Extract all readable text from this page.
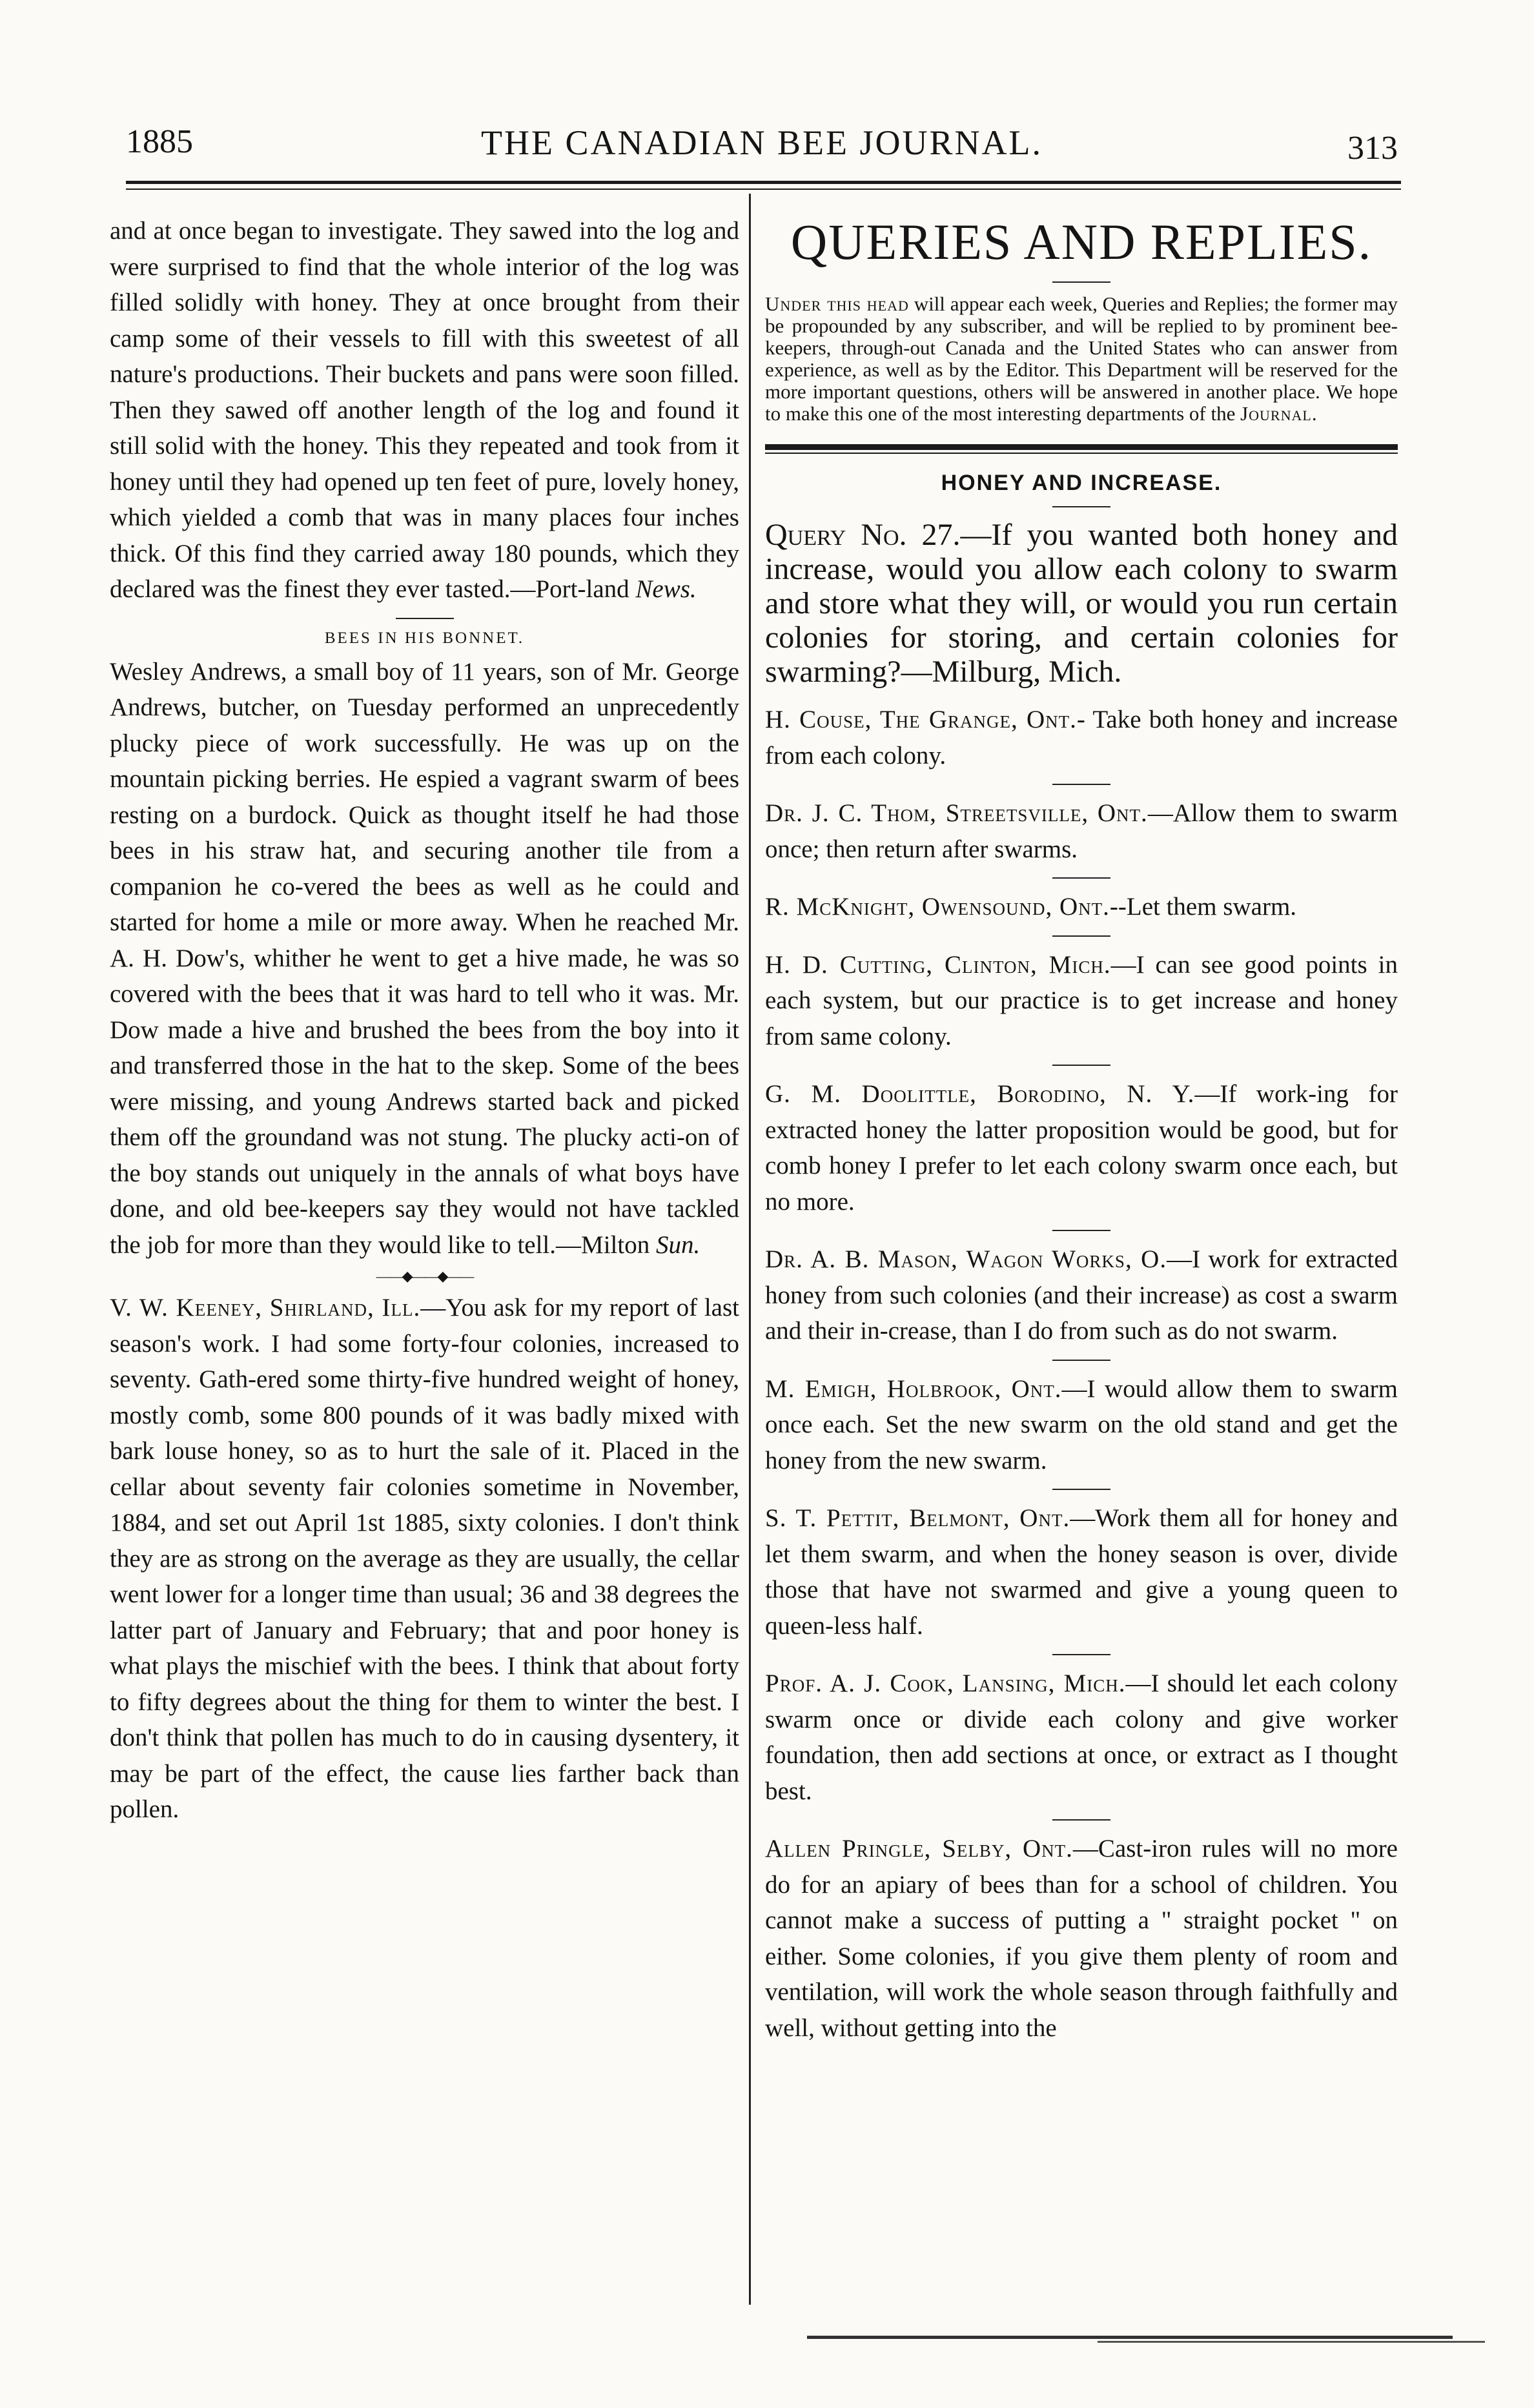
1885	THE CANADIAN BEE JOURNAL.	313

and at once began to investigate. They sawed into the log and were surprised to find that the whole interior of the log was filled solidly with honey. They at once brought from their camp some of their vessels to fill with this sweetest of all nature's productions. Their buckets and pans were soon filled. Then they sawed off another length of the log and found it still solid with the honey. This they repeated and took from it honey until they had opened up ten feet of pure, lovely honey, which yielded a comb that was in many places four inches thick. Of this find they carried away 180 pounds, which they declared was the finest they ever tasted.—Port-land News.

BEES IN HIS BONNET.

Wesley Andrews, a small boy of 11 years, son of Mr. George Andrews, butcher, on Tuesday performed an unprecedently plucky piece of work successfully. He was up on the mountain picking berries. He espied a vagrant swarm of bees resting on a burdock. Quick as thought itself he had those bees in his straw hat, and securing another tile from a companion he co-vered the bees as well as he could and started for home a mile or more away. When he reached Mr. A. H. Dow's, whither he went to get a hive made, he was so covered with the bees that it was hard to tell who it was. Mr. Dow made a hive and brushed the bees from the boy into it and transferred those in the hat to the skep. Some of the bees were missing, and young Andrews started back and picked them off the groundand was not stung. The plucky acti-on of the boy stands out uniquely in the annals of what boys have done, and old bee-keepers say they would not have tackled the job for more than they would like to tell.—Milton Sun.

——◆——◆——

V. W. Keeney, Shirland, Ill.—You ask for my report of last season's work. I had some forty-four colonies, increased to seventy. Gath-ered some thirty-five hundred weight of honey, mostly comb, some 800 pounds of it was badly mixed with bark louse honey, so as to hurt the sale of it. Placed in the cellar about seventy fair colonies sometime in November, 1884, and set out April 1st 1885, sixty colonies. I don't think they are as strong on the average as they are usually, the cellar went lower for a longer time than usual; 36 and 38 degrees the latter part of January and February; that and poor honey is what plays the mischief with the bees. I think that about forty to fifty degrees about the thing for them to winter the best. I don't think that pollen has much to do in causing dysentery, it may be part of the effect, the cause lies farther back than pollen.

QUERIES AND REPLIES.

Under this head will appear each week, Queries and Replies; the former may be propounded by any subscriber, and will be replied to by prominent bee-keepers, through-out Canada and the United States who can answer from experience, as well as by the Editor. This Department will be reserved for the more important questions, others will be answered in another place. We hope to make this one of the most interesting departments of the Journal.

HONEY AND INCREASE.

Query No. 27.—If you wanted both honey and increase, would you allow each colony to swarm and store what they will, or would you run certain colonies for storing, and certain colonies for swarming?—Milburg, Mich.

H. Couse, The Grange, Ont.- Take both honey and increase from each colony.

Dr. J. C. Thom, Streetsville, Ont.—Allow them to swarm once; then return after swarms.

R. McKnight, Owensound, Ont.--Let them swarm.

H. D. Cutting, Clinton, Mich.—I can see good points in each system, but our practice is to get increase and honey from same colony.

G. M. Doolittle, Borodino, N. Y.—If work-ing for extracted honey the latter proposition would be good, but for comb honey I prefer to let each colony swarm once each, but no more.

Dr. A. B. Mason, Wagon Works, O.—I work for extracted honey from such colonies (and their increase) as cost a swarm and their in-crease, than I do from such as do not swarm.

M. Emigh, Holbrook, Ont.—I would allow them to swarm once each. Set the new swarm on the old stand and get the honey from the new swarm.

S. T. Pettit, Belmont, Ont.—Work them all for honey and let them swarm, and when the honey season is over, divide those that have not swarmed and give a young queen to queen-less half.

Prof. A. J. Cook, Lansing, Mich.—I should let each colony swarm once or divide each colony and give worker foundation, then add sections at once, or extract as I thought best.

Allen Pringle, Selby, Ont.—Cast-iron rules will no more do for an apiary of bees than for a school of children. You cannot make a success of putting a " straight pocket " on either. Some colonies, if you give them plenty of room and ventilation, will work the whole season through faithfully and well, without getting into the
